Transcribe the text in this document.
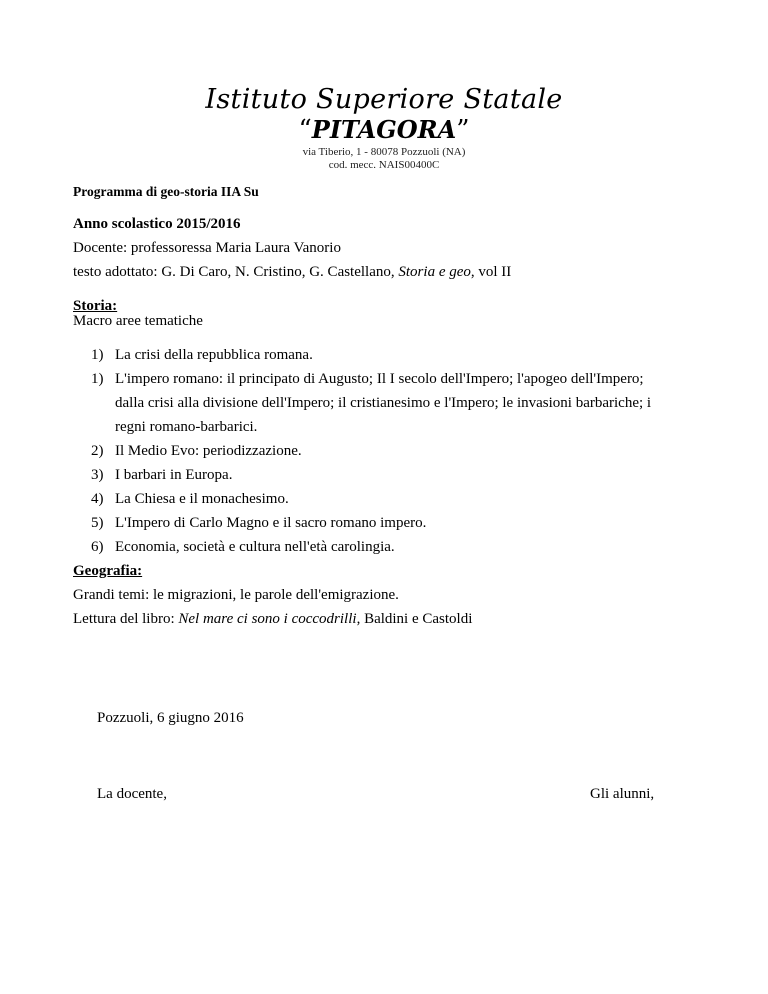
Istituto Superiore Statale
“PITAGORA”
via Tiberio, 1 - 80078 Pozzuoli (NA)
cod. mecc. NAIS00400C
Programma di geo-storia IIA Su
Anno scolastico 2015/2016
Docente: professoressa Maria Laura Vanorio
testo adottato: G. Di Caro, N. Cristino, G. Castellano, Storia e geo, vol II
Storia:
Macro aree tematiche
1) La crisi della repubblica romana.
1) L'impero romano: il principato di Augusto; Il I secolo dell'Impero; l'apogeo dell'Impero;
dalla crisi alla divisione dell'Impero; il cristianesimo e l'Impero; le invasioni barbariche; i
regni romano-barbarici.
2) Il Medio Evo: periodizzazione.
3) I barbari in Europa.
4) La Chiesa e il monachesimo.
5) L'Impero di Carlo Magno e il sacro romano impero.
6) Economia, società e cultura nell'età carolingia.
Geografia:
Grandi temi: le migrazioni, le parole dell'emigrazione.
Lettura del libro: Nel mare ci sono i coccodrilli, Baldini e Castoldi
Pozzuoli, 6 giugno 2016
La docente,	Gli alunni,
